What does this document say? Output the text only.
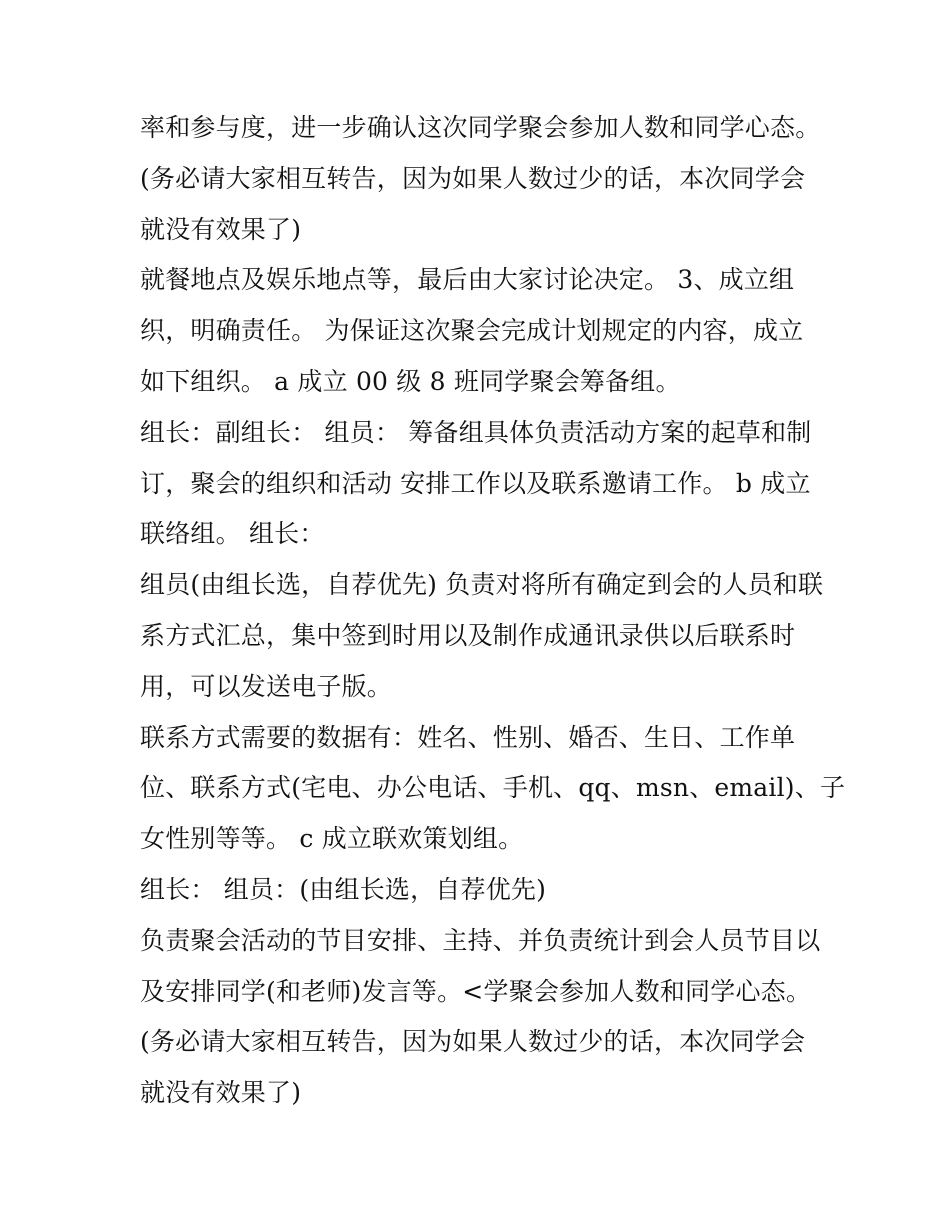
率和参与度，进一步确认这次同学聚会参加人数和同学心态。
(务必请大家相互转告，因为如果人数过少的话，本次同学会
就没有效果了)
就餐地点及娱乐地点等，最后由大家讨论决定。 3、成立组
织，明确责任。 为保证这次聚会完成计划规定的内容，成立
如下组织。 a 成立 00 级 8 班同学聚会筹备组。
组长：副组长： 组员： 筹备组具体负责活动方案的起草和制
订，聚会的组织和活动 安排工作以及联系邀请工作。 b 成立
联络组。 组长：
组员(由组长选，自荐优先) 负责对将所有确定到会的人员和联
系方式汇总，集中签到时用以及制作成通讯录供以后联系时
用，可以发送电子版。
联系方式需要的数据有：姓名、性别、婚否、生日、工作单
位、联系方式(宅电、办公电话、手机、qq、msn、email)、子
女性别等等。 c 成立联欢策划组。
组长： 组员：(由组长选，自荐优先)
负责聚会活动的节目安排、主持、并负责统计到会人员节目以
及安排同学(和老师)发言等。<学聚会参加人数和同学心态。
(务必请大家相互转告，因为如果人数过少的话，本次同学会
就没有效果了)
